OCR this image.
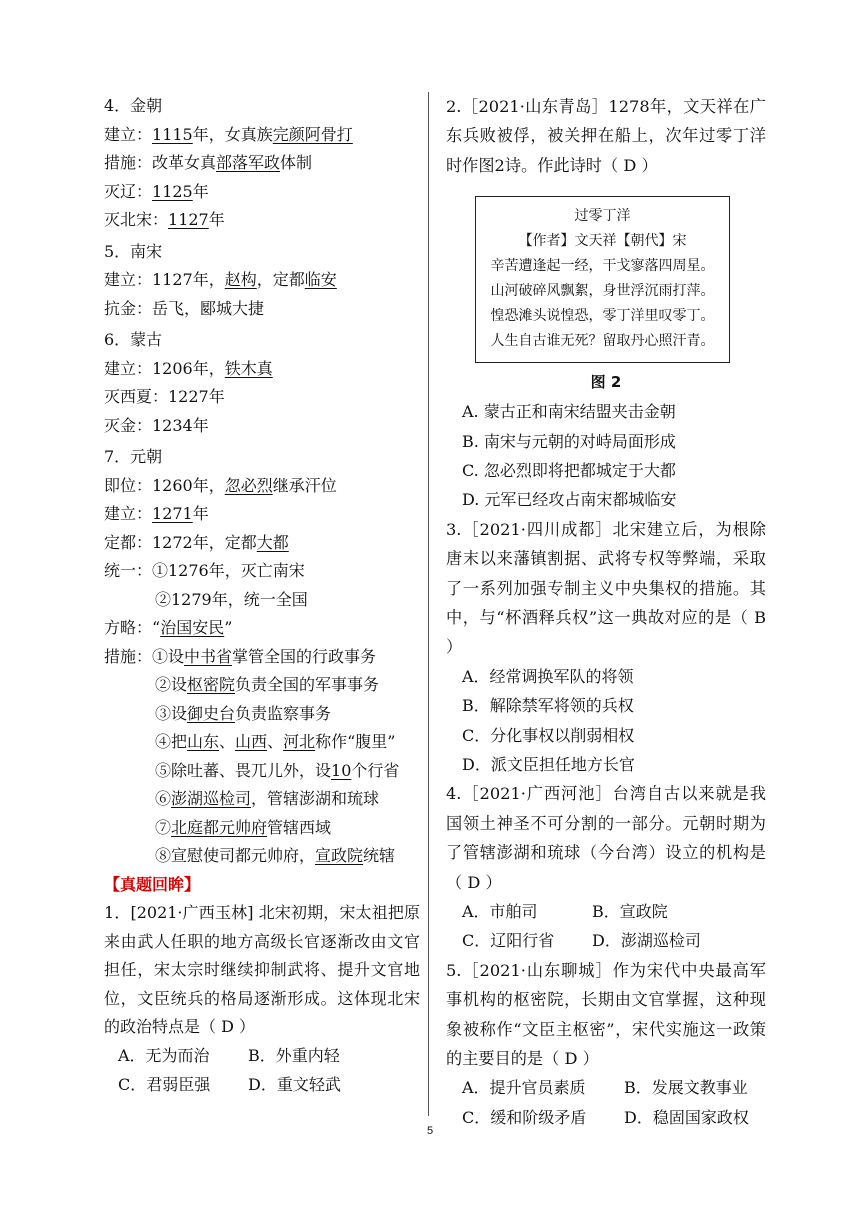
4．金朝
建立：1115年，女真族完颜阿骨打
措施：改革女真部落军政体制
灭辽：1125年
灭北宋：1127年
5．南宋
建立：1127年，赵构，定都临安
抗金：岳飞，郾城大捷
6．蒙古
建立：1206年，铁木真
灭西夏：1227年
灭金：1234年
7．元朝
即位：1260年，忽必烈继承汗位
建立：1271年
定都：1272年，定都大都
统一：①1276年，灭亡南宋
②1279年，统一全国
方略：“治国安民”
措施：①设中书省掌管全国的行政事务
②设枢密院负责全国的军事事务
③设御史台负责监察事务
④把山东、山西、河北称作“腹里”
⑤除吐蕃、畏兀儿外，设10个行省
⑥澎湖巡检司，管辖澎湖和琉球
⑦北庭都元帅府管辖西域
⑧宣慰使司都元帅府，宣政院统辖
【真题回眸】
1．[2021·广西玉林] 北宋初期，宋太祖把原来由武人任职的地方高级长官逐渐改由文官担任，宋太宗时继续抑制武将、提升文官地位，文臣统兵的格局逐渐形成。这体现北宋的政治特点是（ D ）
A．无为而治 B．外重内轻
C．君弱臣强 D．重文轻武
2.［2021·山东青岛］1278年，文天祥在广东兵败被俘，被关押在船上，次年过零丁洋时作图2诗。作此诗时（ D ）
过零丁洋
【作者】文天祥【朝代】宋
辛苦遭逢起一经，干戈寥落四周星。
山河破碎风飘絮，身世浮沉雨打萍。
惶恐滩头说惶恐，零丁洋里叹零丁。
人生自古谁无死？留取丹心照汗青。
图 2
A. 蒙古正和南宋结盟夹击金朝
B. 南宋与元朝的对峙局面形成
C. 忽必烈即将把都城定于大都
D. 元军已经攻占南宋都城临安
3.［2021·四川成都］北宋建立后，为根除唐末以来藩镇割据、武将专权等弊端，采取了一系列加强专制主义中央集权的措施。其中，与“杯酒释兵权”这一典故对应的是（ B ）
A．经常调换军队的将领
B．解除禁军将领的兵权
C．分化事权以削弱相权
D．派文臣担任地方长官
4.［2021·广西河池］台湾自古以来就是我国领土神圣不可分割的一部分。元朝时期为了管辖澎湖和琉球（今台湾）设立的机构是（ D ）
A．市舶司	B．宣政院
C．辽阳行省 D．澎湖巡检司
5.［2021·山东聊城］作为宋代中央最高军事机构的枢密院，长期由文官掌握，这种现象被称作“文臣主枢密”，宋代实施这一政策的主要目的是（ D ）
A．提升官员素质 B．发展文教事业
C．缓和阶级矛盾 D．稳固国家政权
5
